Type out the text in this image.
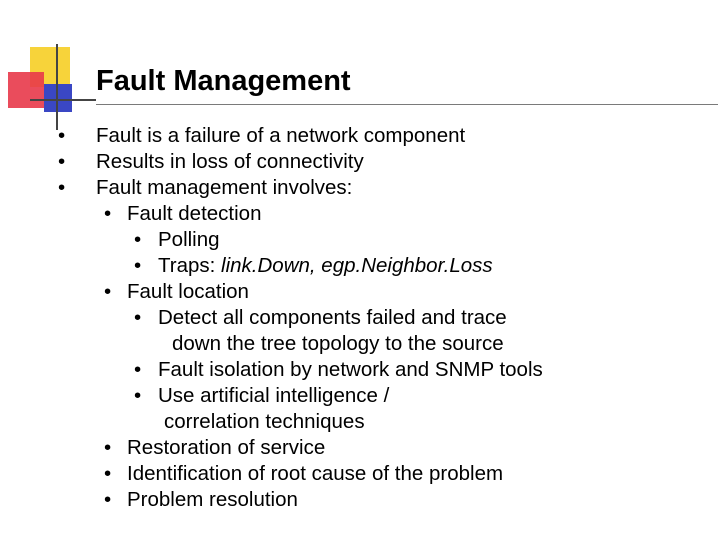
Fault Management
• Fault is a failure of a network component
• Results in loss of connectivity
• Fault management involves:
• Fault detection
• Polling
• Traps: link.Down, egp.Neighbor.Loss
• Fault location
• Detect all components failed and trace
down the tree topology to the source
• Fault isolation by network and SNMP tools
• Use artificial intelligence /
correlation techniques
• Restoration of service
• Identification of root cause of the problem
• Problem resolution
